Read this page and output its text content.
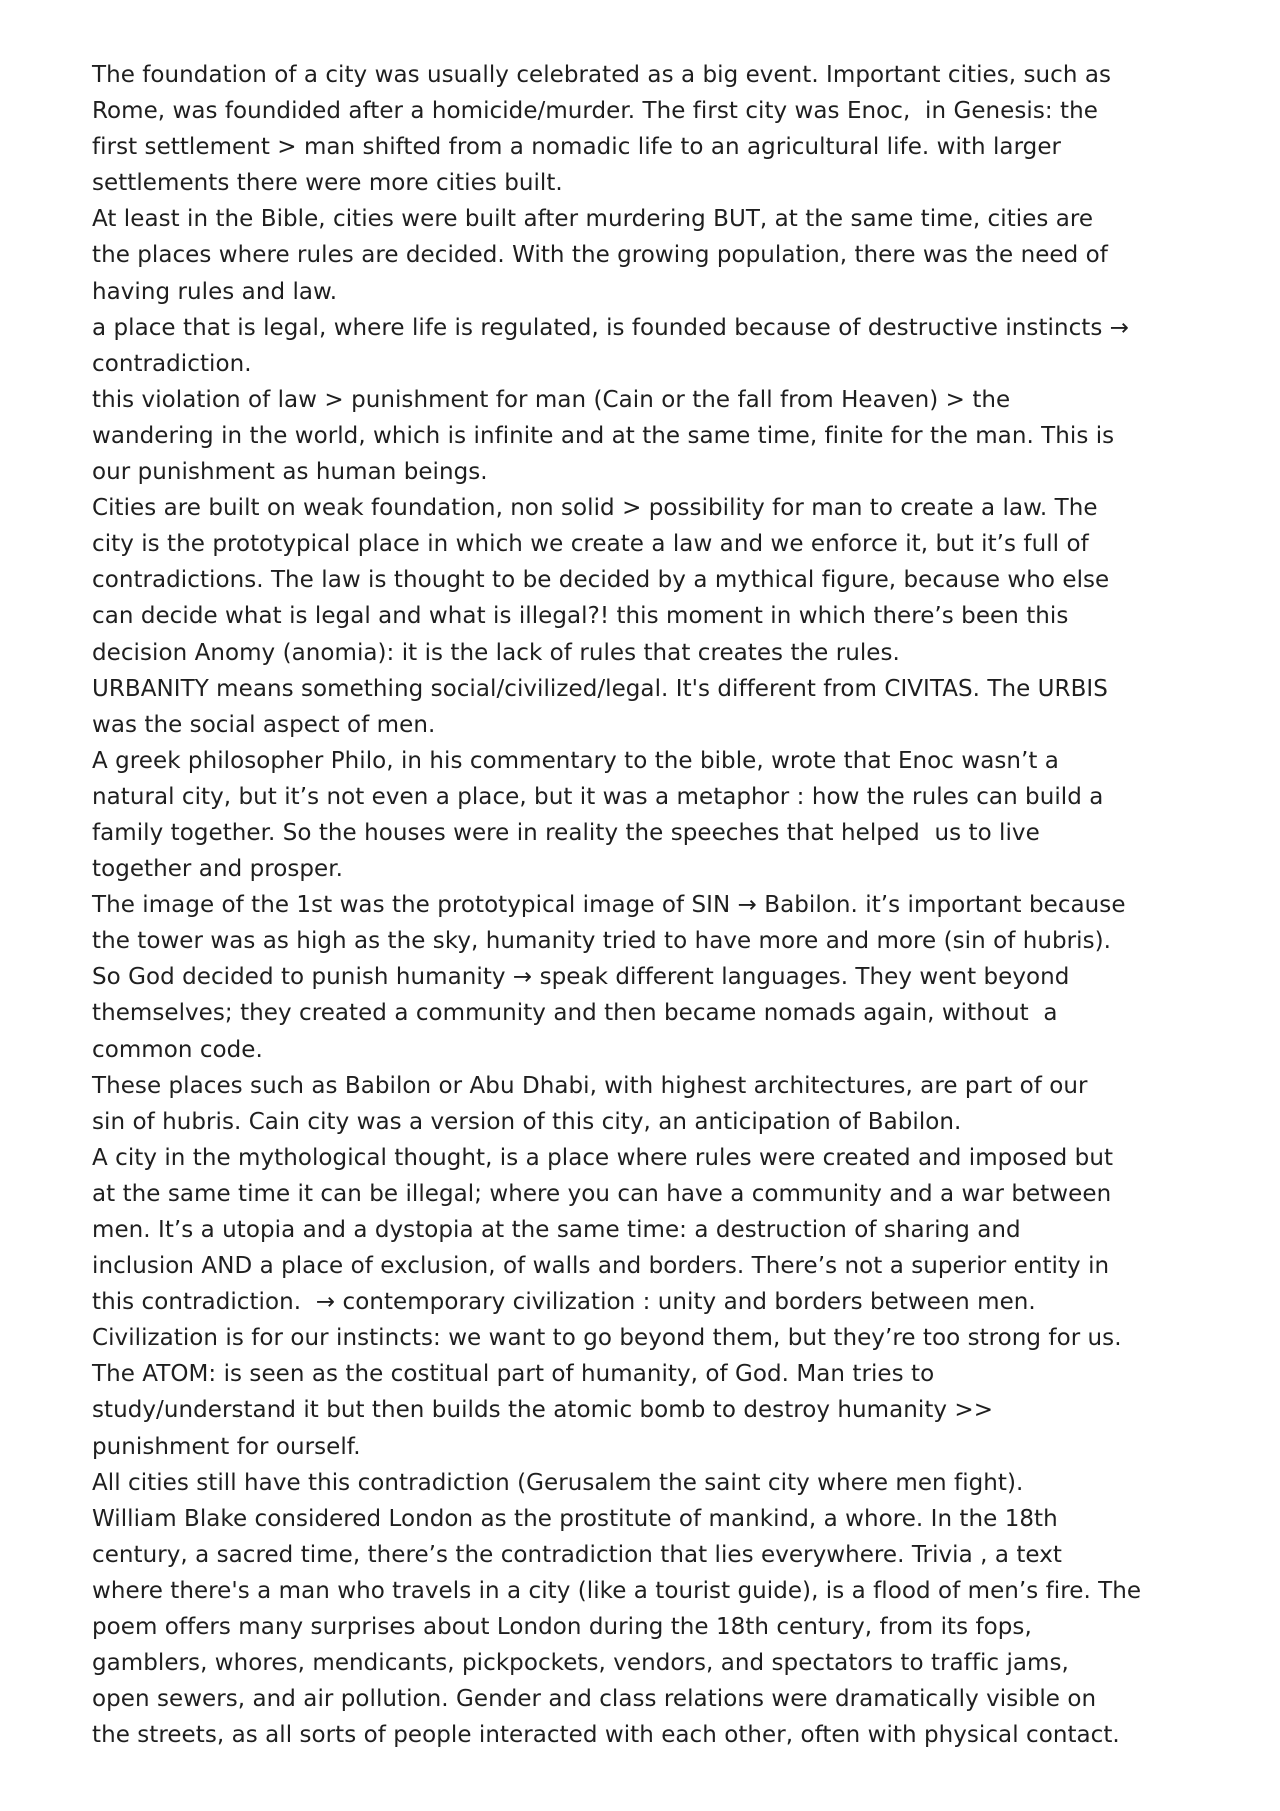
The foundation of a city was usually celebrated as a big event. Important cities, such as
Rome, was foundided after a homicide/murder. The first city was Enoc,  in Genesis: the
first settlement > man shifted from a nomadic life to an agricultural life. with larger
settlements there were more cities built.
At least in the Bible, cities were built after murdering BUT, at the same time, cities are
the places where rules are decided. With the growing population, there was the need of
having rules and law.
a place that is legal, where life is regulated, is founded because of destructive instincts →
contradiction.
this violation of law > punishment for man (Cain or the fall from Heaven) > the
wandering in the world, which is infinite and at the same time, finite for the man. This is
our punishment as human beings.
Cities are built on weak foundation, non solid > possibility for man to create a law. The
city is the prototypical place in which we create a law and we enforce it, but it’s full of
contradictions. The law is thought to be decided by a mythical figure, because who else
can decide what is legal and what is illegal?! this moment in which there’s been this
decision Anomy (anomia): it is the lack of rules that creates the rules.
URBANITY means something social/civilized/legal. It's different from CIVITAS. The URBIS
was the social aspect of men.
A greek philosopher Philo, in his commentary to the bible, wrote that Enoc wasn’t a
natural city, but it’s not even a place, but it was a metaphor : how the rules can build a
family together. So the houses were in reality the speeches that helped  us to live
together and prosper.
The image of the 1st was the prototypical image of SIN → Babilon. it’s important because
the tower was as high as the sky, humanity tried to have more and more (sin of hubris).
So God decided to punish humanity → speak different languages. They went beyond
themselves; they created a community and then became nomads again, without  a
common code.
These places such as Babilon or Abu Dhabi, with highest architectures, are part of our
sin of hubris. Cain city was a version of this city, an anticipation of Babilon.
A city in the mythological thought, is a place where rules were created and imposed but
at the same time it can be illegal; where you can have a community and a war between
men. It’s a utopia and a dystopia at the same time: a destruction of sharing and
inclusion AND a place of exclusion, of walls and borders. There’s not a superior entity in
this contradiction.  → contemporary civilization : unity and borders between men.
Civilization is for our instincts: we want to go beyond them, but they’re too strong for us.
The ATOM: is seen as the costitual part of humanity, of God. Man tries to
study/understand it but then builds the atomic bomb to destroy humanity >>
punishment for ourself.
All cities still have this contradiction (Gerusalem the saint city where men fight).
William Blake considered London as the prostitute of mankind, a whore. In the 18th
century, a sacred time, there’s the contradiction that lies everywhere. Trivia , a text
where there's a man who travels in a city (like a tourist guide), is a flood of men’s fire. The
poem offers many surprises about London during the 18th century, from its fops,
gamblers, whores, mendicants, pickpockets, vendors, and spectators to traffic jams,
open sewers, and air pollution. Gender and class relations were dramatically visible on
the streets, as all sorts of people interacted with each other, often with physical contact.
